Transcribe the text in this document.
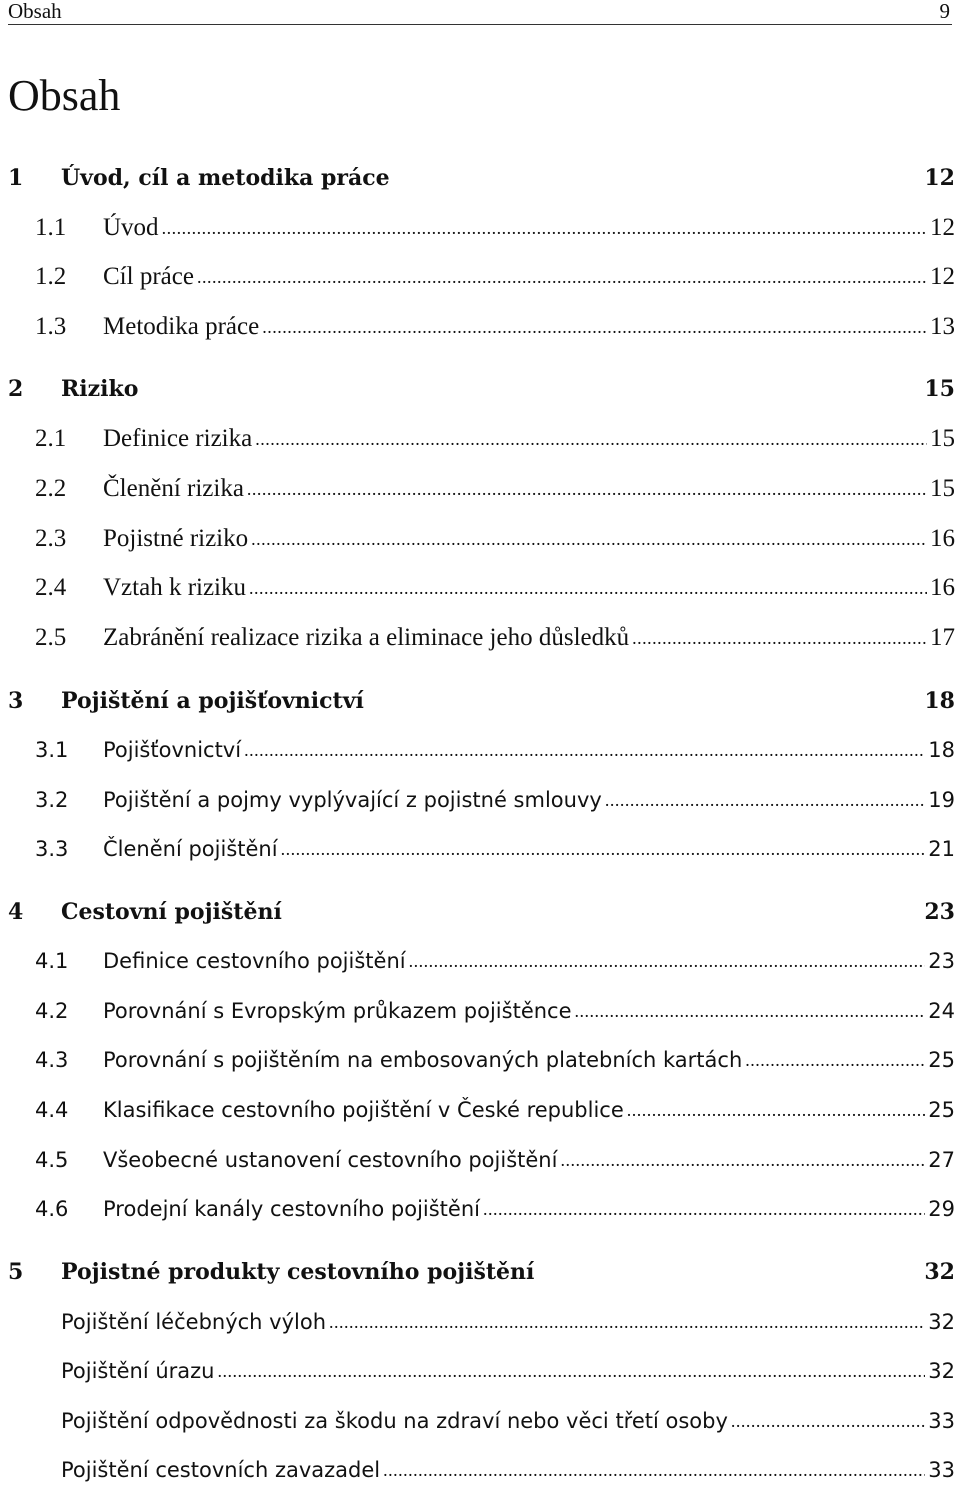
Obsah	9
Obsah
1	Úvod, cíl a metodika práce	12
1.1	Úvod .....	12
1.2	Cíl práce .....	12
1.3	Metodika práce .....	13
2	Riziko	15
2.1	Definice rizika .....	15
2.2	Členění rizika .....	15
2.3	Pojistné riziko .....	16
2.4	Vztah k riziku .....	16
2.5	Zabránění realizace rizika a eliminace jeho důsledků .....	17
3	Pojištění a pojišťovnictví	18
3.1	Pojišťovnictví .....	18
3.2	Pojištění a pojmy vyplývající z pojistné smlouvy .....	19
3.3	Členění pojištění .....	21
4	Cestovní pojištění	23
4.1	Definice cestovního pojištění .....	23
4.2	Porovnání s Evropským průkazem pojištěnce .....	24
4.3	Porovnání s pojištěním na embosovaných platebních kartách .....	25
4.4	Klasifikace cestovního pojištění v České republice .....	25
4.5	Všeobecné ustanovení cestovního pojištění .....	27
4.6	Prodejní kanály cestovního pojištění .....	29
5	Pojistné produkty cestovního pojištění	32
Pojištění léčebných výloh .....	32
Pojištění úrazu .....	32
Pojištění odpovědnosti za škodu na zdraví nebo věci třetí osoby .....	33
Pojištění cestovních zavazadel .....	33
